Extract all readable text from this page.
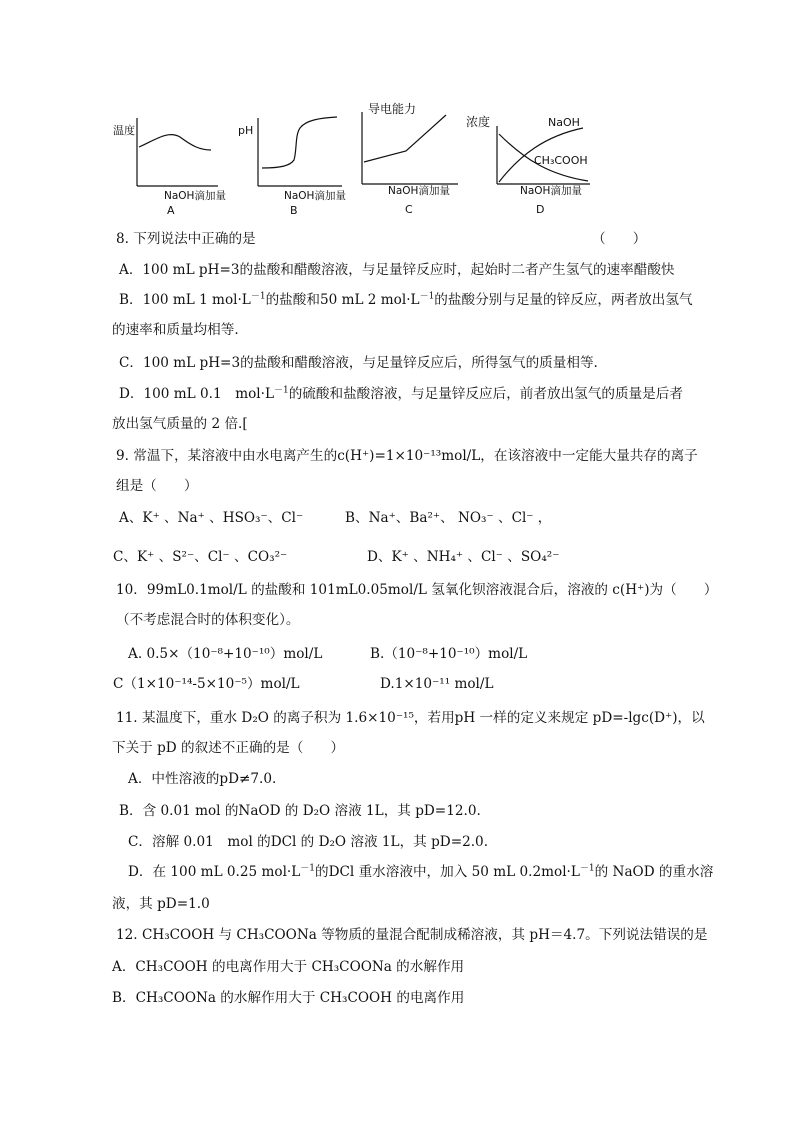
温度
NaOH滴加量
A
pH
NaOH滴加量
B
导电能力
NaOH滴加量
C
浓度	NaOH
CH₃COOH
NaOH滴加量
D
8. 下列说法中正确的是	（　　）
A．100 mL pH=3的盐酸和醋酸溶液，与足量锌反应时，起始时二者产生氢气的速率醋酸快
B．100 mL 1 $mol\cdot L^{-1}$的盐酸和50 mL 2 $mol\cdot L^{-1}$的盐酸分别与足量的锌反应，两者放出氢气
的速率和质量均相等.
C．100 mL pH=3的盐酸和醋酸溶液，与足量锌反应后，所得氢气的质量相等.
D．100 mL 0.1　$mol\cdot L^{-1}$的硫酸和盐酸溶液，与足量锌反应后，前者放出氢气的质量是后者
放出氢气质量的 2 倍.[
9. 常温下，某溶液中由水电离产生的c(H⁺)=1×10⁻¹³mol/L，在该溶液中一定能大量共存的离子
组是（　　）
A、K⁺ 、Na⁺ 、HSO₃⁻、Cl⁻	B、Na⁺、Ba²⁺、 NO₃⁻ 、Cl⁻ ，
C、K⁺ 、S²⁻、Cl⁻ 、CO₃²⁻	D、K⁺ 、NH₄⁺ 、Cl⁻ 、SO₄²⁻
10．99mL0.1mol/L 的盐酸和 101mL0.05mol/L 氢氧化钡溶液混合后，溶液的 c(H⁺)为（　　）
（不考虑混合时的体积变化）。
A. 0.5×（10⁻⁸+10⁻¹⁰）mol/L	B.（10⁻⁸+10⁻¹⁰）mol/L
C（1×10⁻¹⁴-5×10⁻⁵）mol/L	D.1×10⁻¹¹ mol/L
11. 某温度下，重水 D₂O 的离子积为 1.6×10⁻¹⁵，若用pH 一样的定义来规定 pD=-lgc(D⁺)，以
下关于 pD 的叙述不正确的是（　　）
A．中性溶液的pD≠7.0.
B．含 0.01 mol 的NaOD 的 D₂O 溶液 1L，其 pD=12.0.
C．溶解 0.01　mol 的DCl 的 D₂O 溶液 1L，其 pD=2.0.
D．在 100 mL 0.25 $mol\cdot L^{-1}$的DCl 重水溶液中，加入 50 mL $0.2mol\cdot L^{-1}$的 NaOD 的重水溶
液，其 pD=1.0
12. CH₃COOH 与 CH₃COONa 等物质的量混合配制成稀溶液，其 pH＝4.7。下列说法错误的是
A．CH₃COOH 的电离作用大于 CH₃COONa 的水解作用
B．CH₃COONa 的水解作用大于 CH₃COOH 的电离作用
